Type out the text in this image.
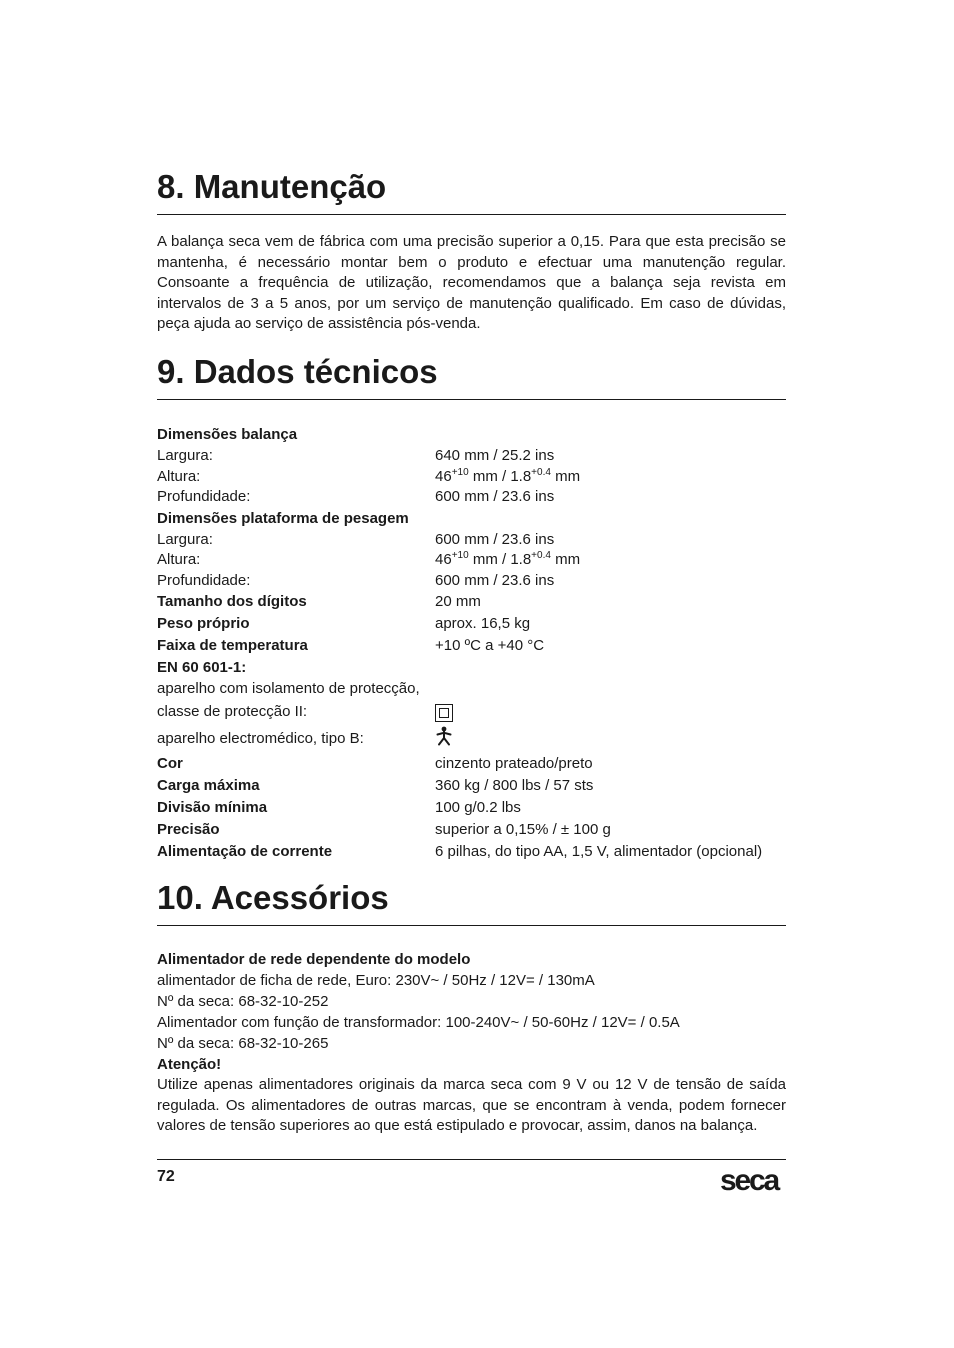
8. Manutenção

A balança seca vem de fábrica com uma precisão superior a 0,15. Para que esta precisão se mantenha, é necessário montar bem o produto e efectuar uma manutenção regular. Consoante a frequência de utilização, recomendamos que a balança seja revista em intervalos de 3 a 5 anos, por um serviço de manutenção qualificado. Em caso de dúvidas, peça ajuda ao serviço de assistência pós-venda.

9. Dados técnicos
Dimensões balança
Largura:	640 mm / 25.2 ins
Altura:	$46^{+10}$ mm / $1.8^{+0.4}$ mm
Profundidade:	600 mm / 23.6 ins
Dimensões plataforma de pesagem
Largura:	600 mm / 23.6 ins
Altura:	$46^{+10}$ mm / $1.8^{+0.4}$ mm
Profundidade:	600 mm / 23.6 ins
Tamanho dos dígitos	20 mm
Peso próprio	aprox. 16,5 kg
Faixa de temperatura	+10 ºC a +40 °C
EN 60 601-1:
aparelho com isolamento de protecção,
classe de protecção II:
aparelho electromédico, tipo B:
Cor	cinzento prateado/preto
Carga máxima	360 kg / 800 lbs / 57 sts
Divisão mínima	100 g/0.2 lbs
Precisão	superior a 0,15% / ± 100 g
Alimentação de corrente	6 pilhas, do tipo AA, 1,5 V, alimentador (opcional)
10. Acessórios
Alimentador de rede dependente do modelo
alimentador de ficha de rede, Euro: 230V~ / 50Hz / 12V= / 130mA
Nº da seca: 68-32-10-252
Alimentador com função de transformador: 100-240V~ / 50-60Hz / 12V= / 0.5A
Nº da seca: 68-32-10-265
Atenção!
Utilize apenas alimentadores originais da marca seca com 9 V ou 12 V de tensão de saída regulada. Os alimentadores de outras marcas, que se encontram à venda, podem fornecer valores de tensão superiores ao que está estipulado e provocar, assim, danos na balança.
72	seca
